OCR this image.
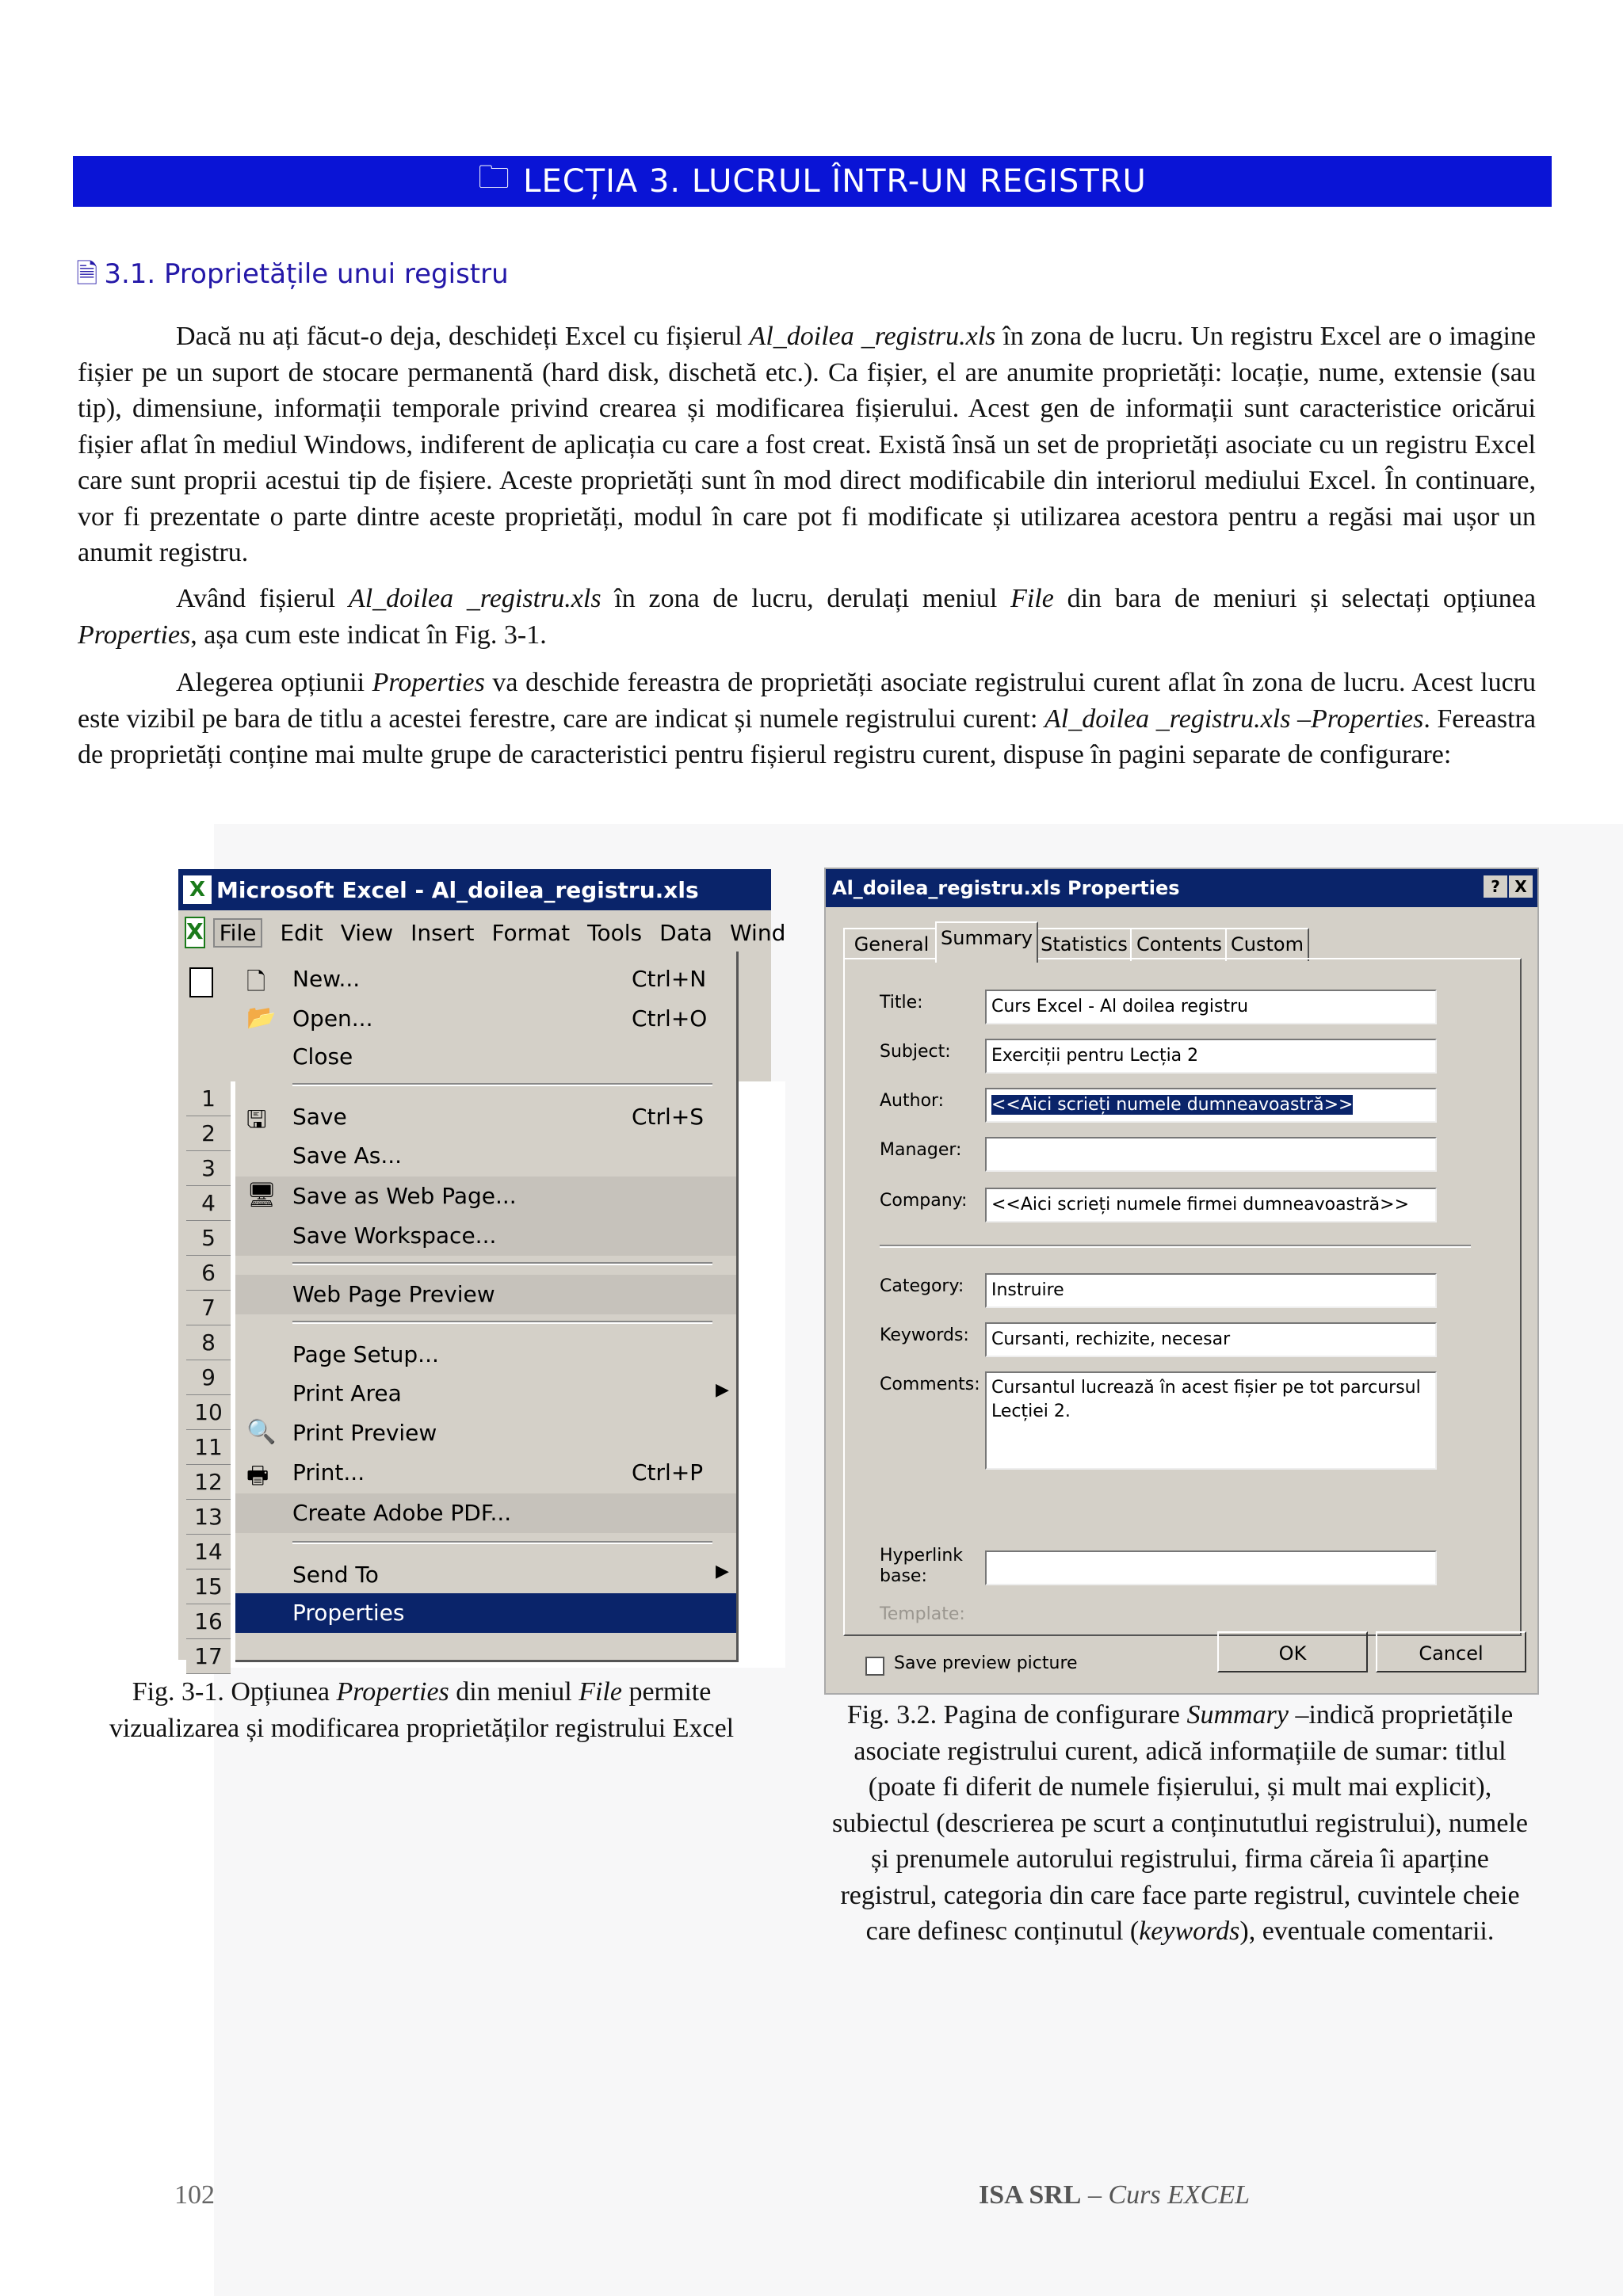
🗀 LECȚIA 3. LUCRUL ÎNTR-UN REGISTRU
🗎 3.1. Proprietățile unui registru

Dacă nu ați făcut-o deja, deschideți Excel cu fișierul Al_doilea _registru.xls în zona de lucru. Un registru Excel are o imagine fișier pe un suport de stocare permanentă (hard disk, dischetă etc.). Ca fișier, el are anumite proprietăți: locație, nume, extensie (sau tip), dimensiune, informații temporale privind crearea și modificarea fișierului. Acest gen de informații sunt caracteristice oricărui fișier aflat în mediul Windows, indiferent de aplicația cu care a fost creat. Există însă un set de proprietăți asociate cu un registru Excel care sunt proprii acestui tip de fișiere. Aceste proprietăți sunt în mod direct modificabile din interiorul mediului Excel. În continuare, vor fi prezentate o parte dintre aceste proprietăți, modul în care pot fi modificate și utilizarea acestora pentru a regăsi mai ușor un anumit registru.

Având fișierul Al_doilea _registru.xls în zona de lucru, derulați meniul File din bara de meniuri și selectați opțiunea Properties, așa cum este indicat în Fig. 3-1.

Alegerea opțiunii Properties va deschide fereastra de proprietăți asociate registrului curent aflat în zona de lucru. Acest lucru este vizibil pe bara de titlu a acestei ferestre, care are indicat și numele registrului curent: Al_doilea _registru.xls –Properties. Fereastra de proprietăți conține mai multe grupe de caracteristici pentru fișierul registru curent, dispuse în pagini separate de configurare:

X Microsoft Excel - Al_doilea_registru.xls
X File Edit View Insert Format Tools Data Wind
1
2
3
4
5
6
7
8
9
10
11
12
13
14
15
16
17
🗋 New...	Ctrl+N
📂 Open...	Ctrl+O
Close
🖫 Save	Ctrl+S
Save As...
🖥 Save as Web Page...
Save Workspace...
Web Page Preview
Page Setup...
Print Area	▶
🔍 Print Preview
🖶 Print...	Ctrl+P
Create Adobe PDF...
Send To	▶
Properties
Al_doilea_registru.xls Properties	? X
General Summary Statistics Contents Custom
Title:	Curs Excel - Al doilea registru
Subject:	Exerciții pentru Lecția 2
Author:	<<Aici scrieți numele dumneavoastră>>
Manager:
Company:	<<Aici scrieți numele firmei dumneavoastră>>
Category:	Instruire
Keywords:	Cursanti, rechizite, necesar
Comments: Cursantul lucrează în acest fișier pe tot parcursul Lecției 2.
Hyperlink base:
Template:
Save preview picture	OK	Cancel
Fig. 3-1. Opțiunea Properties din meniul File permite vizualizarea și modificarea proprietăților registrului Excel	Fig. 3.2. Pagina de configurare Summary –indică proprietățile asociate registrului curent, adică informațiile de sumar: titlul (poate fi diferit de numele fișierului, și mult mai explicit), subiectul (descrierea pe scurt a conținututlui registrului), numele și prenumele autorului registrului, firma căreia îi aparține registrul, categoria din care face parte registrul, cuvintele cheie care definesc conținutul (keywords), eventuale comentarii.
102	ISA SRL – Curs EXCEL
